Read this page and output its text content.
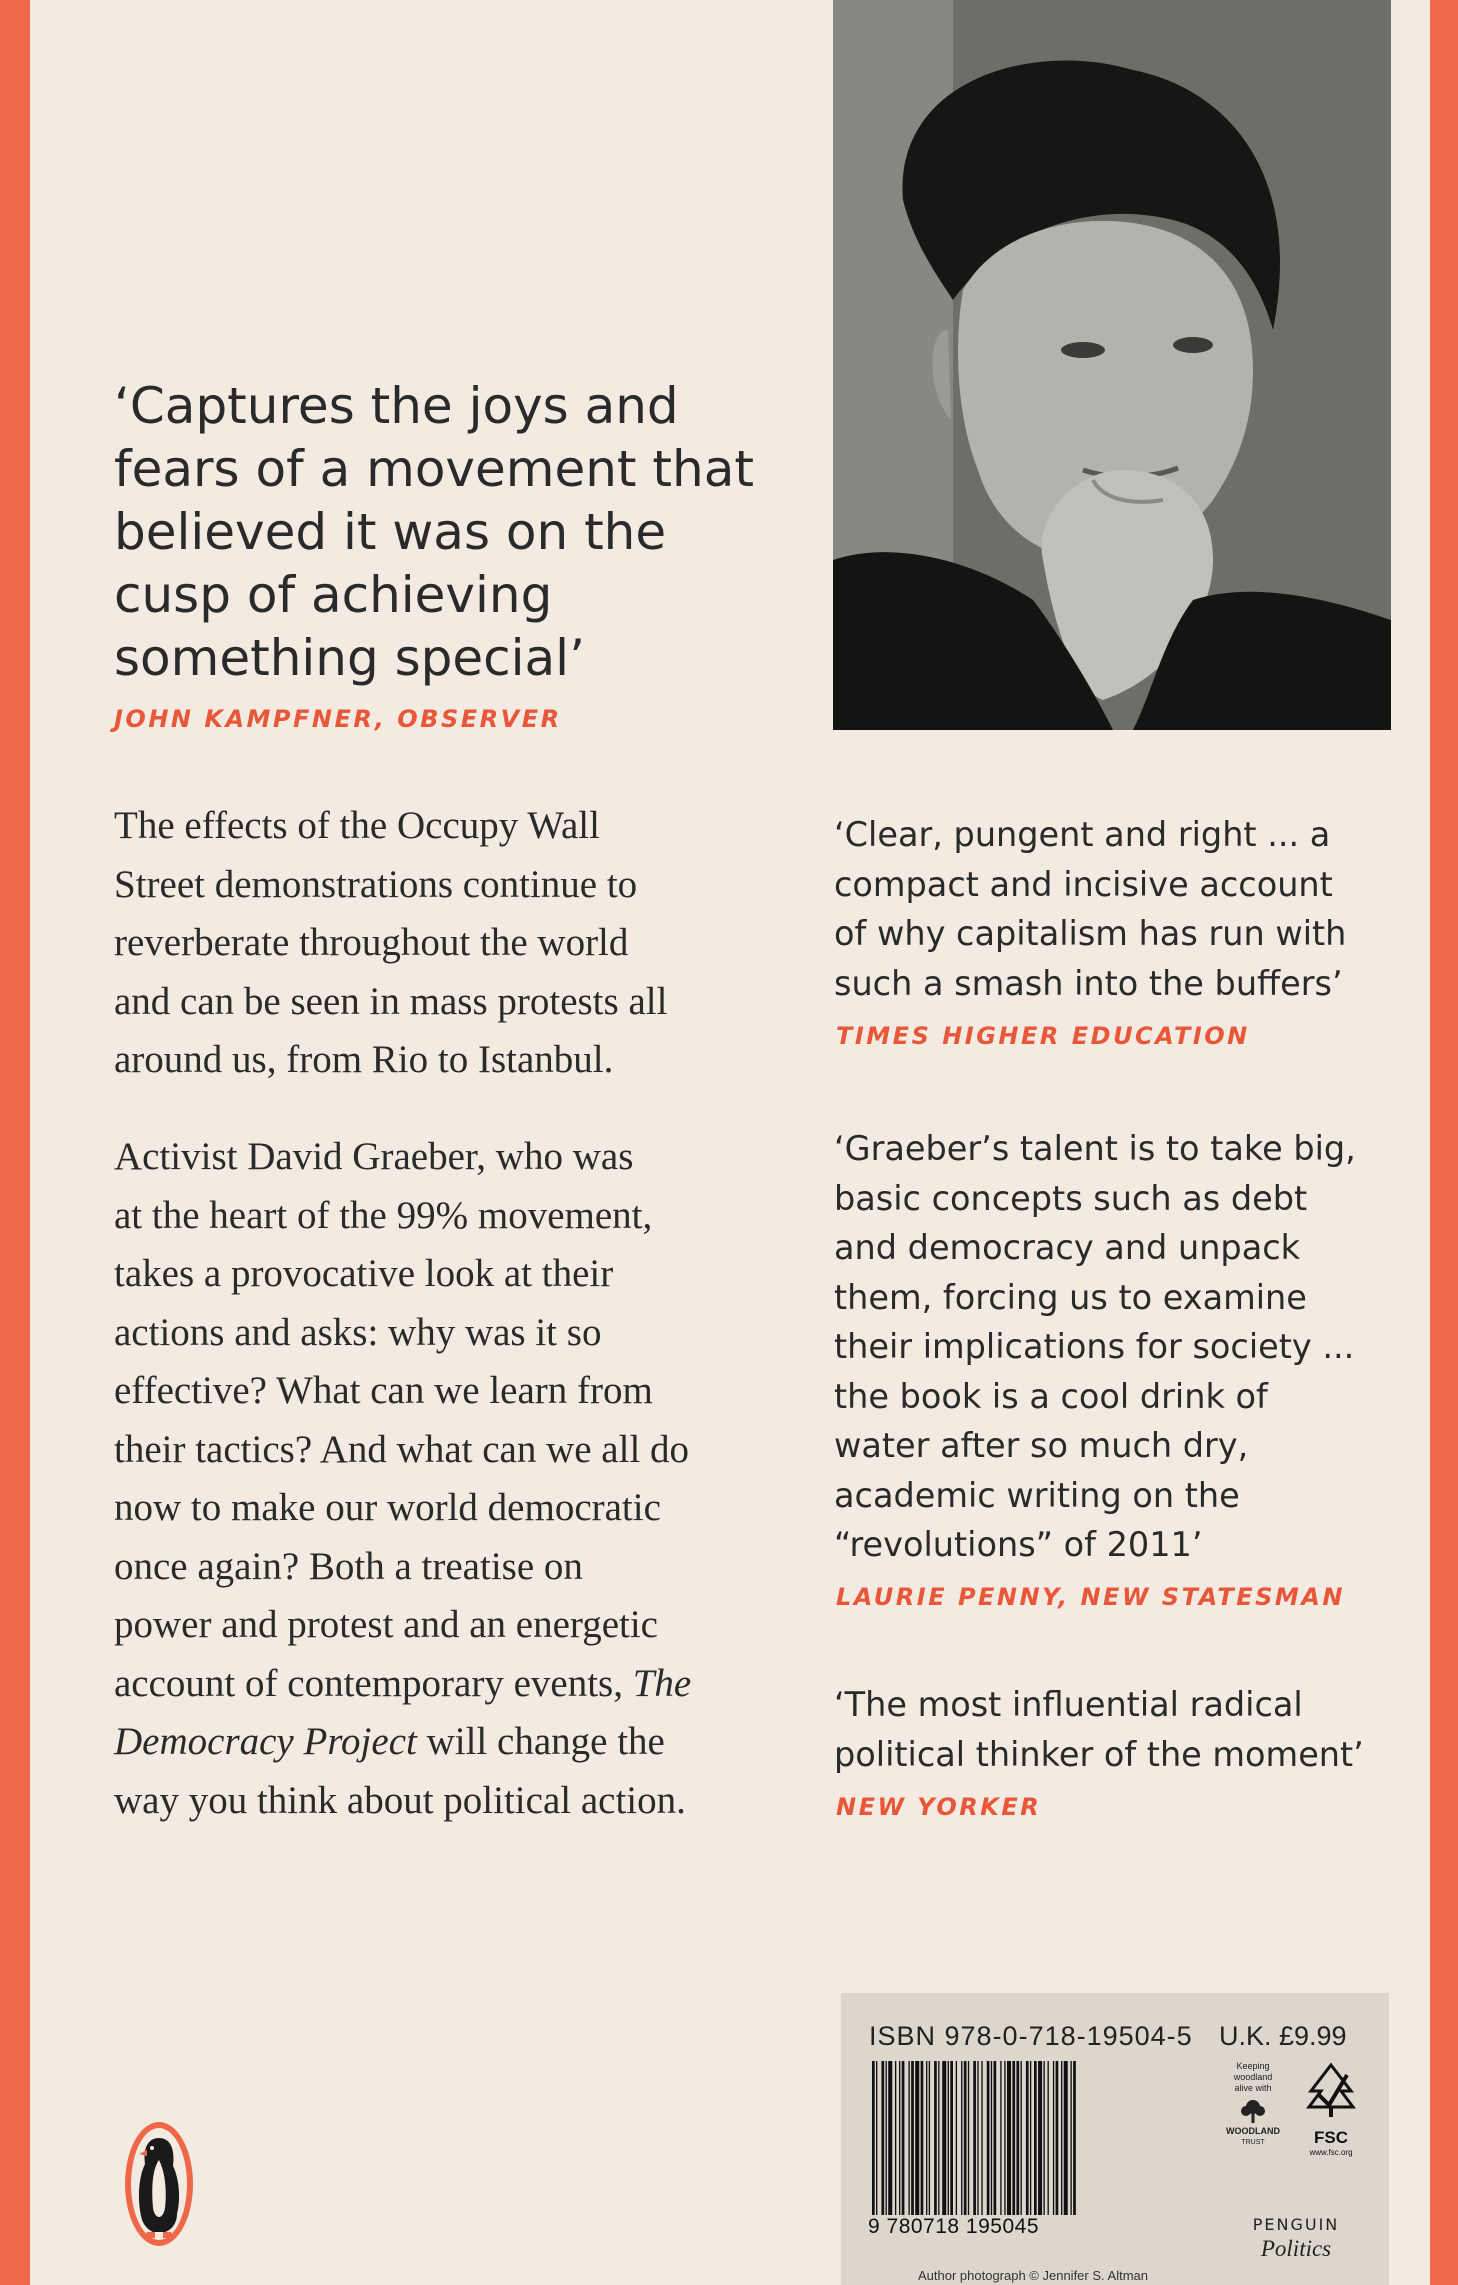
‘Captures the joys and
fears of a movement that
believed it was on the
cusp of achieving
something special’
JOHN KAMPFNER, OBSERVER
The effects of the Occupy Wall
Street demonstrations continue to
reverberate throughout the world
and can be seen in mass protests all
around us, from Rio to Istanbul.
Activist David Graeber, who was
at the heart of the 99% movement,
takes a provocative look at their
actions and asks: why was it so
effective? What can we learn from
their tactics? And what can we all do
now to make our world democratic
once again? Both a treatise on
power and protest and an energetic
account of contemporary events, The
Democracy Project will change the
way you think about political action.
‘Clear, pungent and right ... a
compact and incisive account
of why capitalism has run with
such a smash into the buffers’
TIMES HIGHER EDUCATION
‘Graeber’s talent is to take big,
basic concepts such as debt
and democracy and unpack
them, forcing us to examine
their implications for society ...
the book is a cool drink of
water after so much dry,
academic writing on the
“revolutions” of 2011’
LAURIE PENNY, NEW STATESMAN
‘The most influential radical
political thinker of the moment’
NEW YORKER
ISBN 978-0-718-19504-5 U.K. £9.99
9 780718 195045
Keeping
woodland
alive with
WOODLAND
TRUST	FSC
www.fsc.org
Author photograph © Jennifer S. Altman
PENGUIN
Politics
